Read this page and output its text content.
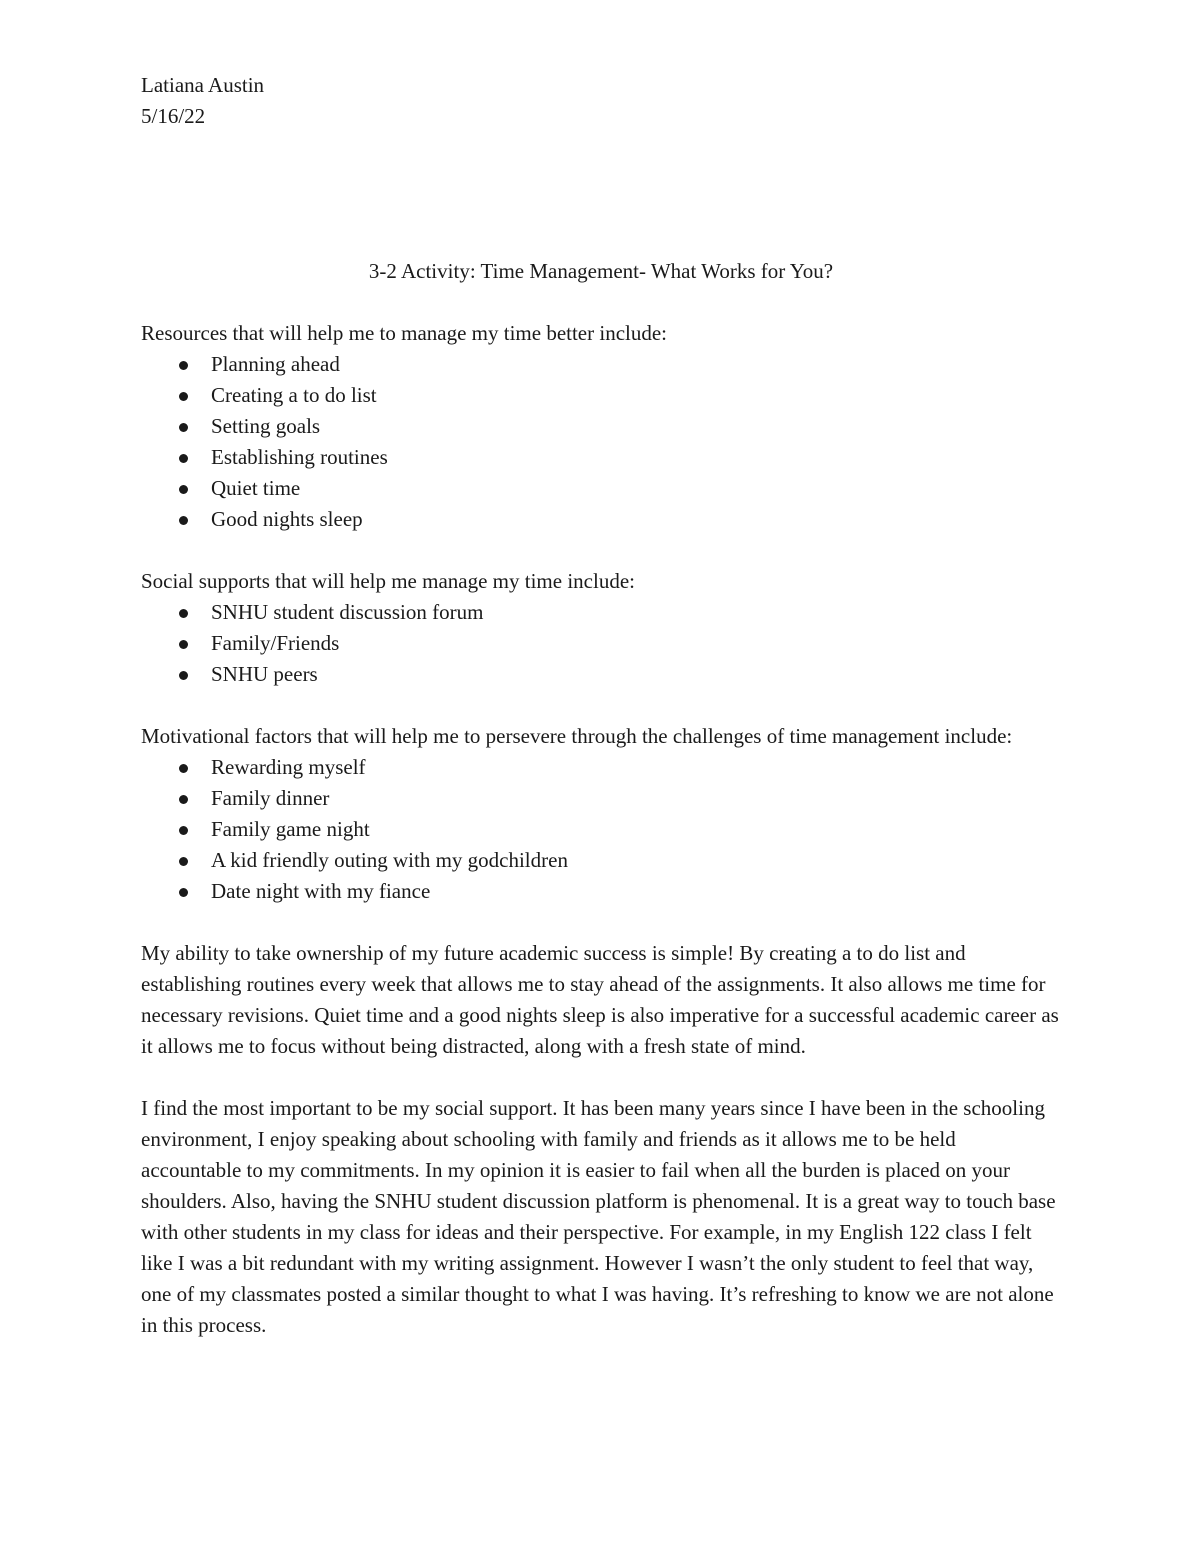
Latiana Austin

5/16/22

3-2 Activity: Time Management- What Works for You?

Resources that will help me to manage my time better include:

Planning ahead
Creating a to do list
Setting goals
Establishing routines
Quiet time
Good nights sleep

Social supports that will help me manage my time include:

SNHU student discussion forum
Family/Friends
SNHU peers

Motivational factors that will help me to persevere through the challenges of time management include:

Rewarding myself
Family dinner
Family game night
A kid friendly outing with my godchildren
Date night with my fiance

My ability to take ownership of my future academic success is simple! By creating a to do list and establishing routines every week that allows me to stay ahead of the assignments. It also allows me time for necessary revisions. Quiet time and a good nights sleep is also imperative for a successful academic career as it allows me to focus without being distracted, along with a fresh state of mind.

I find the most important to be my social support. It has been many years since I have been in the schooling environment, I enjoy speaking about schooling with family and friends as it allows me to be held accountable to my commitments. In my opinion it is easier to fail when all the burden is placed on your shoulders. Also, having the SNHU student discussion platform is phenomenal. It is a great way to touch base with other students in my class for ideas and their perspective. For example, in my English 122 class I felt like I was a bit redundant with my writing assignment. However I wasn’t the only student to feel that way, one of my classmates posted a similar thought to what I was having. It’s refreshing to know we are not alone in this process.
